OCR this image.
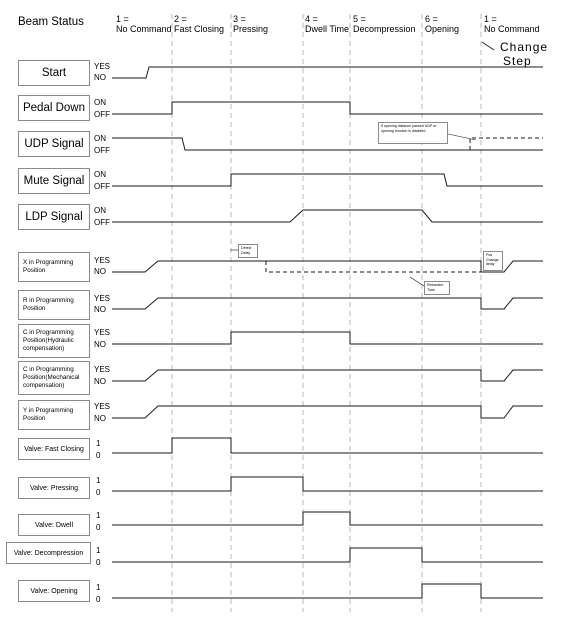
Beam Status	1 =
No Command
2 =
Fast Closing
3 =
Pressing
4 =
Dwell Time
5 =
Decompression
6 =
Opening
1 =
No Command
Change
Step
Start
Pedal Down
UDP Signal
Mute Signal
LDP Signal
X in Programming Position
R in Programming Position
C in Programming Position(Hydraulic compensation)
C in Programming Position(Mechanical compensation)
Y in Programming Position
Valve: Fast Closing
Valve: Pressing
Valve: Dwell
Valve: Decompression
Valve: Opening
YES
NO
ON
OFF
ON
OFF
ON
OFF
ON
OFF
YES
NO
YES
NO
YES
NO
YES
NO
YES
NO
1
0
1
0
1
0
1
0
1
0
If opening distance passed UDP or opening function is disabled
Detect Delay
Retraction Time
Pos Change delay
